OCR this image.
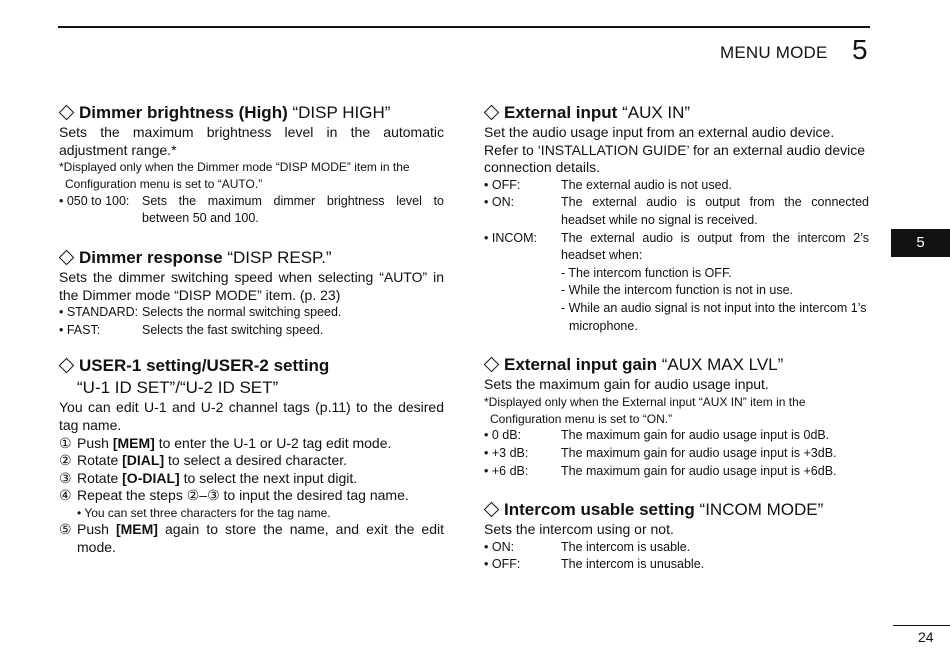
MENU MODE 5
5
24
Dimmer brightness (High) “DISP HIGH”

Sets the maximum brightness level in the automatic adjustment range.*

*Displayed only when the Dimmer mode “DISP MODE” item in the Configuration menu is set to “AUTO.”
• 050 to 100:	Sets the maximum dimmer brightness level to between 50 and 100.
Dimmer response “DISP RESP.”

Sets the dimmer switching speed when selecting “AUTO” in the Dimmer mode “DISP MODE” item. (p. 23)

• STANDARD: Selects the normal switching speed.
• FAST:	Selects the fast switching speed.
USER-1 setting/USER-2 setting
“U-1 ID SET”/“U-2 ID SET”

You can edit U-1 and U-2 channel tags (p.11) to the desired tag name.

① Push [MEM] to enter the U-1 or U-2 tag edit mode.
② Rotate [DIAL] to select a desired character.
③ Rotate [O-DIAL] to select the next input digit.
④ Repeat the steps ②–③ to input the desired tag name.
• You can set three characters for the tag name.
⑤ Push [MEM] again to store the name, and exit the edit mode.
External input “AUX IN”

Set the audio usage input from an external audio device.

Refer to ‘INSTALLATION GUIDE’ for an external audio device connection details.

• OFF:	The external audio is not used.
• ON:	The external audio is output from the connected headset while no signal is received.
• INCOM:	The external audio is output from the intercom 2’s headset when:
- The intercom function is OFF.
- While the intercom function is not in use.
- While an audio signal is not input into the intercom 1’s microphone.
External input gain “AUX MAX LVL”

Sets the maximum gain for audio usage input.

*Displayed only when the External input “AUX IN” item in the Configuration menu is set to “ON.”
• 0 dB:	The maximum gain for audio usage input is 0dB.
• +3 dB:	The maximum gain for audio usage input is +3dB.
• +6 dB:	The maximum gain for audio usage input is +6dB.
Intercom usable setting “INCOM MODE”

Sets the intercom using or not.

• ON:	The intercom is usable.
• OFF:	The intercom is unusable.
